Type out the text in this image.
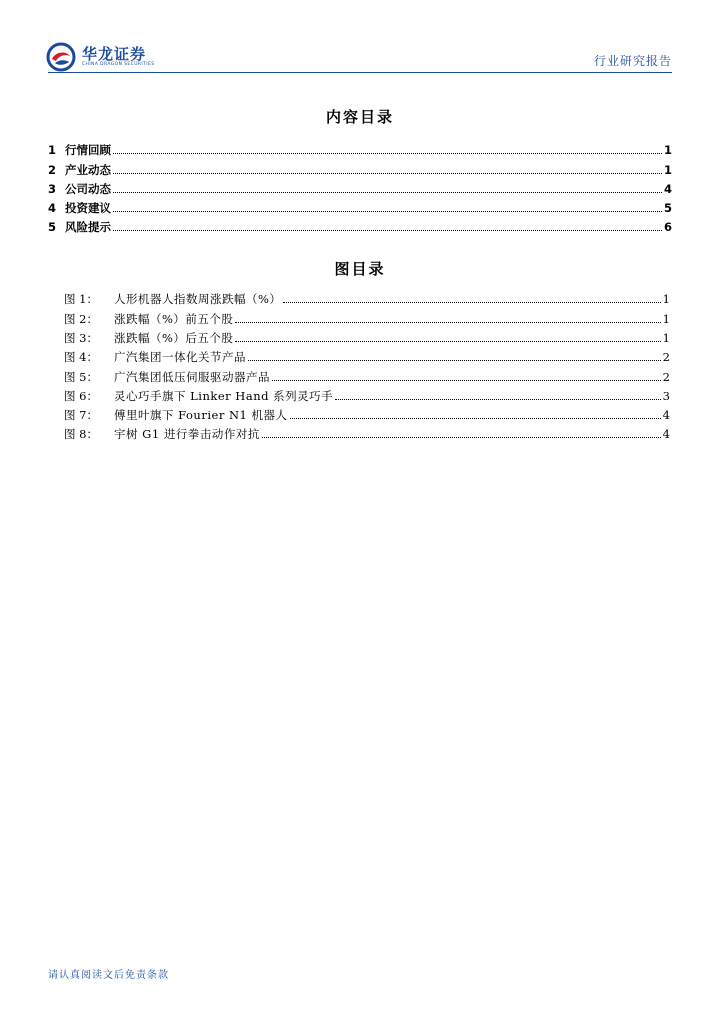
华龙证券
CHINA DRAGON SECURITIES	行业研究报告
内容目录
1 行情回顾	1
2 产业动态	1
3 公司动态	4
4 投资建议	5
5 风险提示	6
图目录
图 1：	人形机器人指数周涨跌幅（%）	1
图 2：	涨跌幅（%）前五个股	1
图 3：	涨跌幅（%）后五个股	1
图 4：	广汽集团一体化关节产品	2
图 5：	广汽集团低压伺服驱动器产品	2
图 6：	灵心巧手旗下 Linker Hand 系列灵巧手	3
图 7：	傅里叶旗下 Fourier N1 机器人	4
图 8：	宇树 G1 进行拳击动作对抗	4
请认真阅读文后免责条款
